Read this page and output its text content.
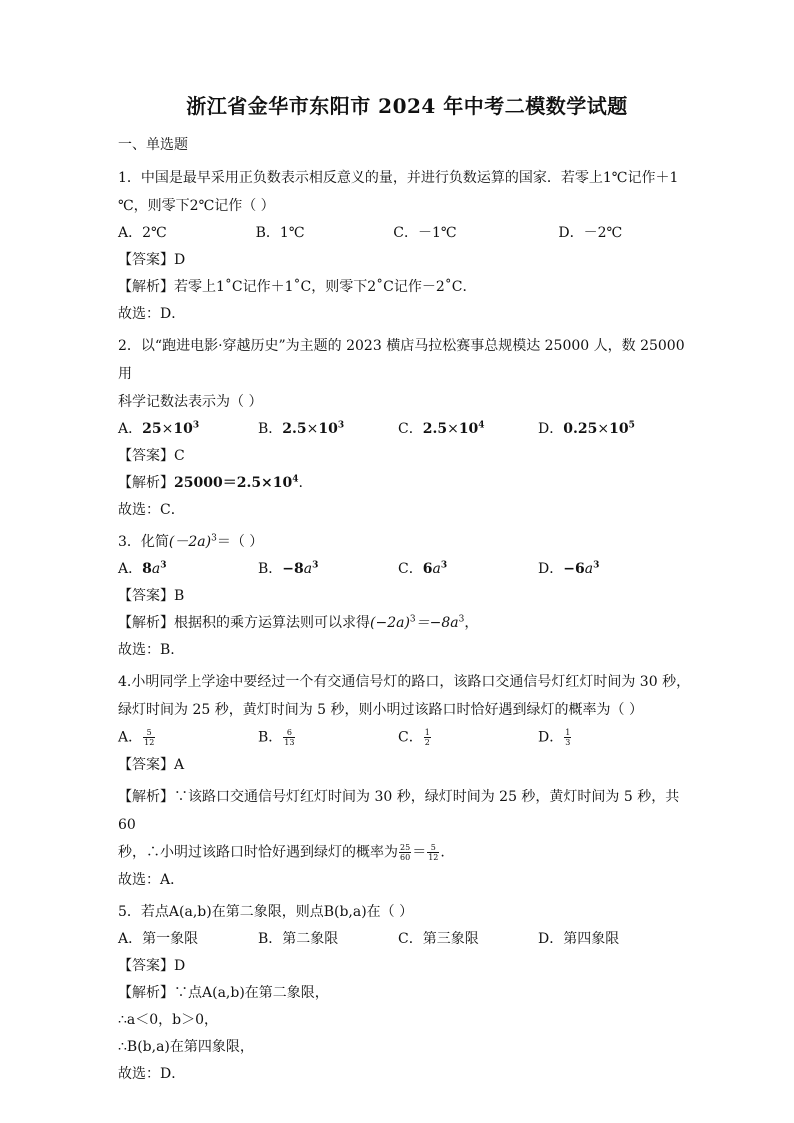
浙江省金华市东阳市 2024 年中考二模数学试题
一、单选题
1．中国是最早采用正负数表示相反意义的量，并进行负数运算的国家．若零上1℃记作＋1
℃，则零下2℃记作（ ）
A．2℃	B．1℃	C．－1℃	D．－2℃
【答案】D
【解析】若零上1˚C记作＋1˚C，则零下2˚C记作－2˚C．
故选：D．
2．以“跑进电影·穿越历史”为主题的 2023 横店马拉松赛事总规模达 25000 人，数 25000 用
科学记数法表示为（ ）
A．$25\times 10^3$	B．$2.5\times 10^3$	C．$2.5\times 10^4$	D．$0.25\times 10^5$
【答案】C
【解析】$25000=2.5\times 10^4$.
故选：C．
3．化简$(-2a)^3=$（ ）
A．$8a^3$	B．$-8a^3$	C．$6a^3$	D．$-6a^3$
【答案】B
【解析】根据积的乘方运算法则可以求得$(-2a)^3=-8a^3$，
故选：B.
4.小明同学上学途中要经过一个有交通信号灯的路口，该路口交通信号灯红灯时间为 30 秒，
绿灯时间为 25 秒，黄灯时间为 5 秒，则小明过该路口时恰好遇到绿灯的概率为（ ）
A． $\frac{5}{12}$	B． $\frac{6}{13}$	C． $\frac{1}{2}$	D． $\frac{1}{3}$
【答案】A
【解析】∵该路口交通信号灯红灯时间为 30 秒，绿灯时间为 25 秒，黄灯时间为 5 秒，共 60
秒，∴小明过该路口时恰好遇到绿灯的概率为 $\frac{25}{60} = \frac{5}{12}$ .
故选：A．
5．若点A(a,b)在第二象限，则点B(b,a)在（ ）
A．第一象限	B．第二象限	C．第三象限	D．第四象限
【答案】D
【解析】∵点A(a,b)在第二象限，
∴a＜0，b＞0，
∴B(b,a)在第四象限，
故选：D．
